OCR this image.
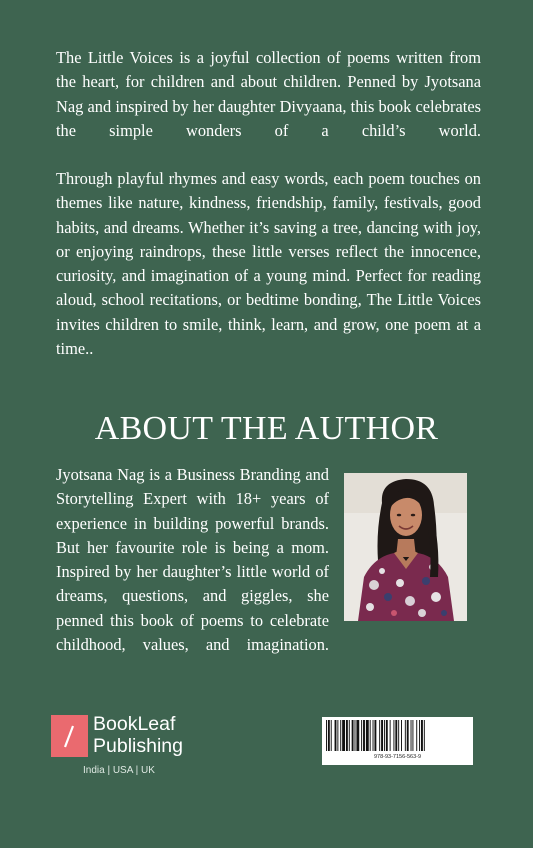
The Little Voices is a joyful collection of poems written from the heart, for children and about children. Penned by Jyotsana Nag and inspired by her daughter Divyaana, this book celebrates the simple wonders of a child’s world.

Through playful rhymes and easy words, each poem touches on themes like nature, kindness, friendship, family, festivals, good habits, and dreams. Whether it’s saving a tree, dancing with joy, or enjoying raindrops, these little verses reflect the innocence, curiosity, and imagination of a young mind. Perfect for reading aloud, school recitations, or bedtime bonding, The Little Voices invites children to smile, think, learn, and grow, one poem at a time..

ABOUT THE AUTHOR

Jyotsana Nag is a Business Branding and Storytelling Expert with 18+ years of experience in building powerful brands. But her favourite role is being a mom. Inspired by her daughter’s little world of dreams, questions, and giggles, she penned this book of poems to celebrate childhood, values, and imagination.

BookLeaf
Publishing
India | USA | UK
978-93-7156-563-9
